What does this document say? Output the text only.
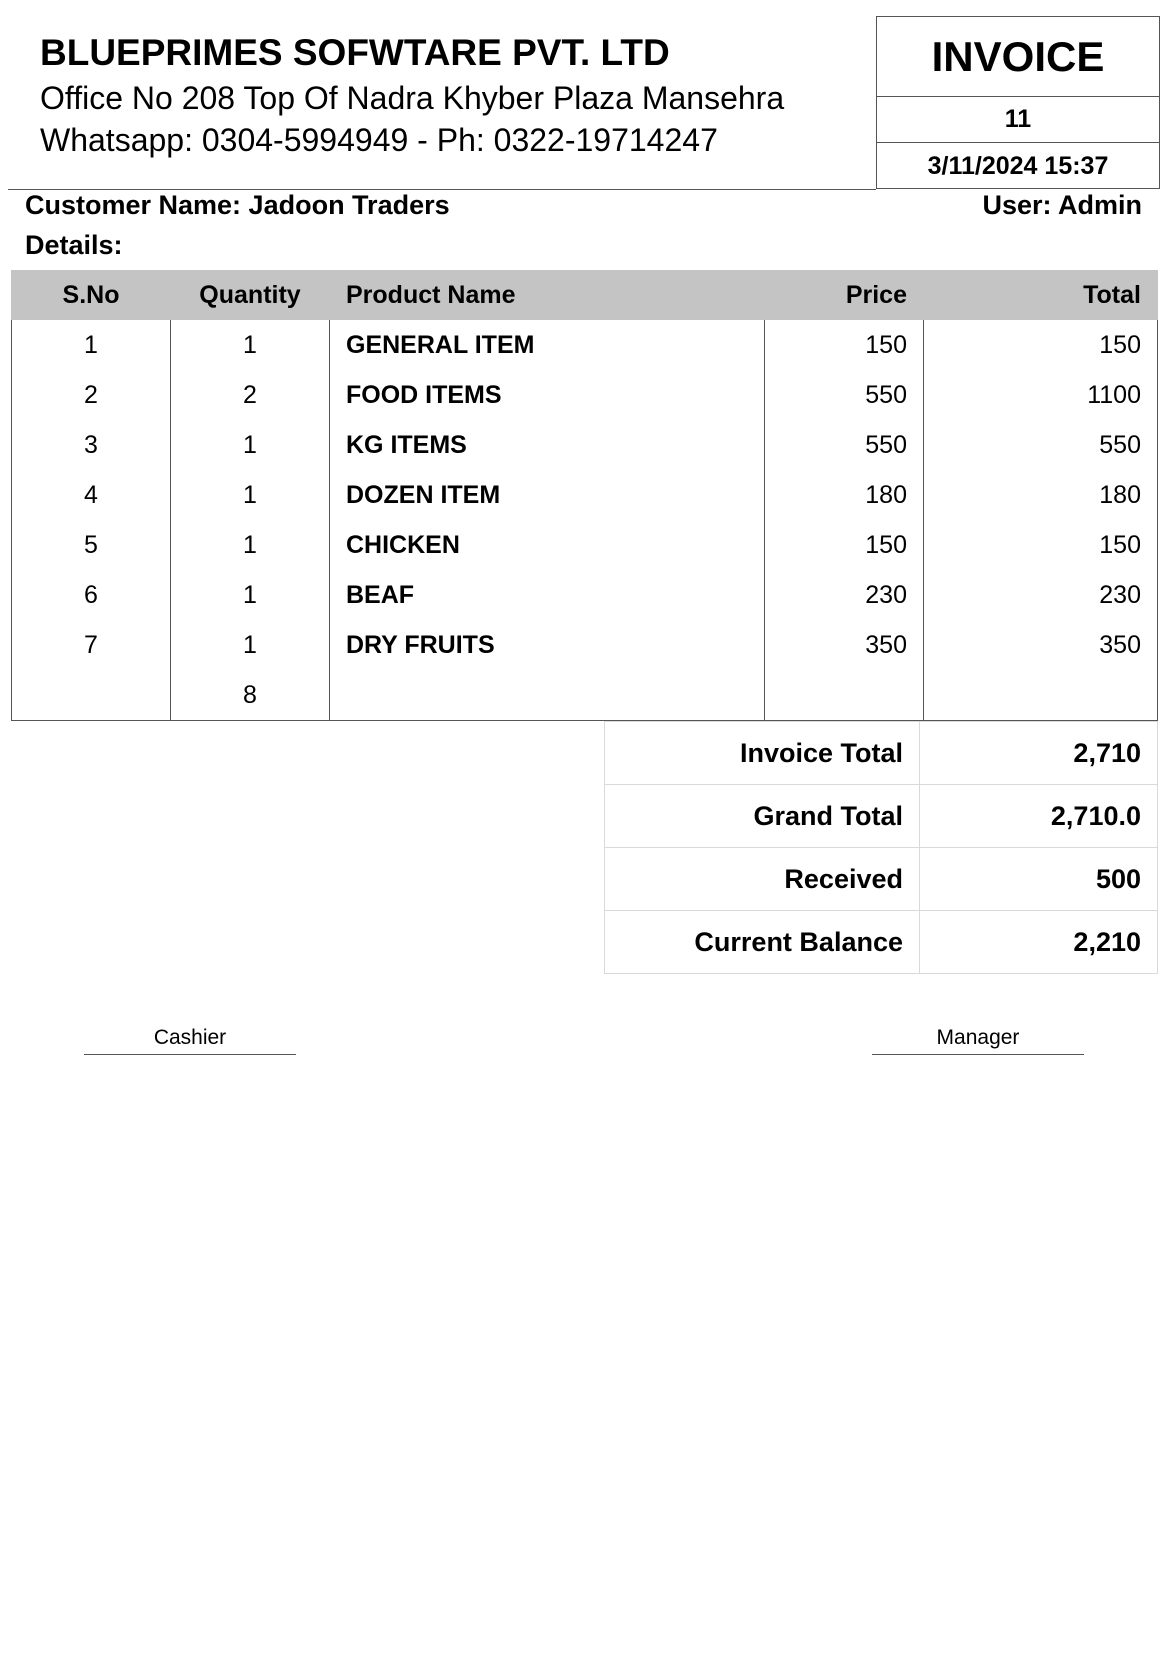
BLUEPRIMES SOFWTARE PVT. LTD
Office No 208 Top Of Nadra Khyber Plaza Mansehra
Whatsapp: 0304-5994949 - Ph: 0322-19714247
INVOICE
11
3/11/2024 15:37
Customer Name: Jadoon Traders	User: Admin
Details:
S.No	Quantity	Product Name	Price	Total
1	1	GENERAL ITEM	150	150
2	2	FOOD ITEMS	550	1100
3	1	KG ITEMS	550	550
4	1	DOZEN ITEM	180	180
5	1	CHICKEN	150	150
6	1	BEAF	230	230
7	1	DRY FRUITS	350	350
	8			
Invoice Total	2,710
Grand Total	2,710.0
Received	500
Current Balance	2,210
Cashier	Manager
